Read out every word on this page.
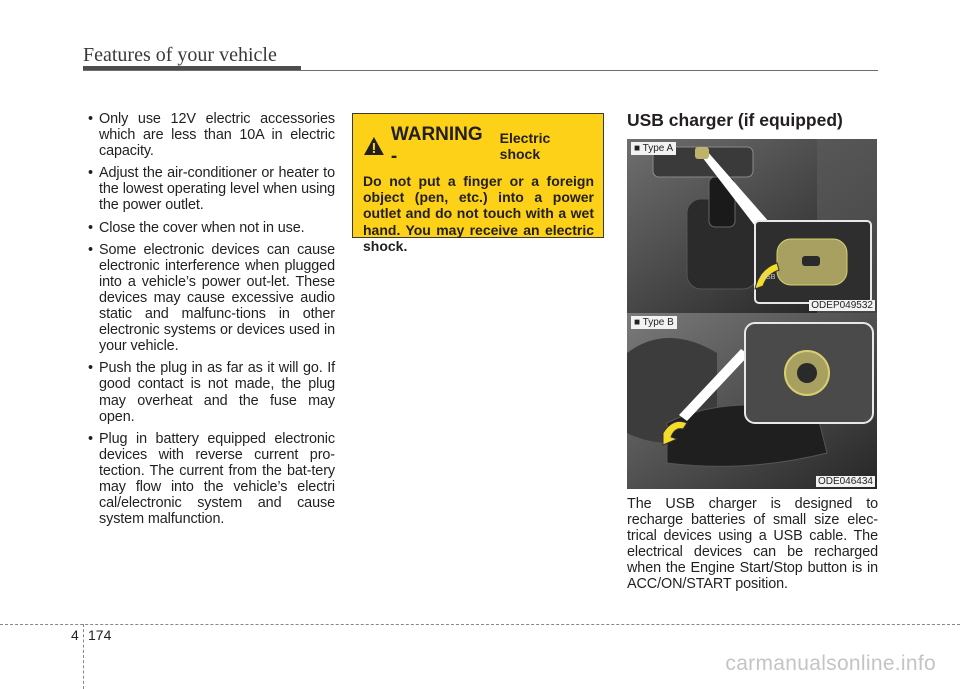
Features of your vehicle
• Only use 12V electric accessories which are less than 10A in electric capacity.
• Adjust the air-conditioner or heater to the lowest operating level when using the power outlet.
• Close the cover when not in use.
• Some electronic devices can cause electronic interference when plugged into a vehicle’s power out-let. These devices may cause excessive audio static and malfunc-tions in other electronic systems or devices used in your vehicle.
• Push the plug in as far as it will go. If good contact is not made, the plug may overheat and the fuse may open.
• Plug in battery equipped electronic devices with reverse current pro-tection. The current from the bat-tery may flow into the vehicle’s electri cal/electronic system and cause system malfunction.
WARNING -
Electric shock
Do not put a finger or a foreign object (pen, etc.) into a power outlet and do not touch with a wet hand. You may receive an electric shock.
USB charger (if equipped)
USB
■ Type A
ODEP049532
■ Type B
ODE046434

The USB charger is designed to recharge batteries of small size elec-trical devices using a USB cable. The electrical devices can be recharged when the Engine Start/Stop button is in ACC/ON/START position.

4 174
carmanualsonline.info
